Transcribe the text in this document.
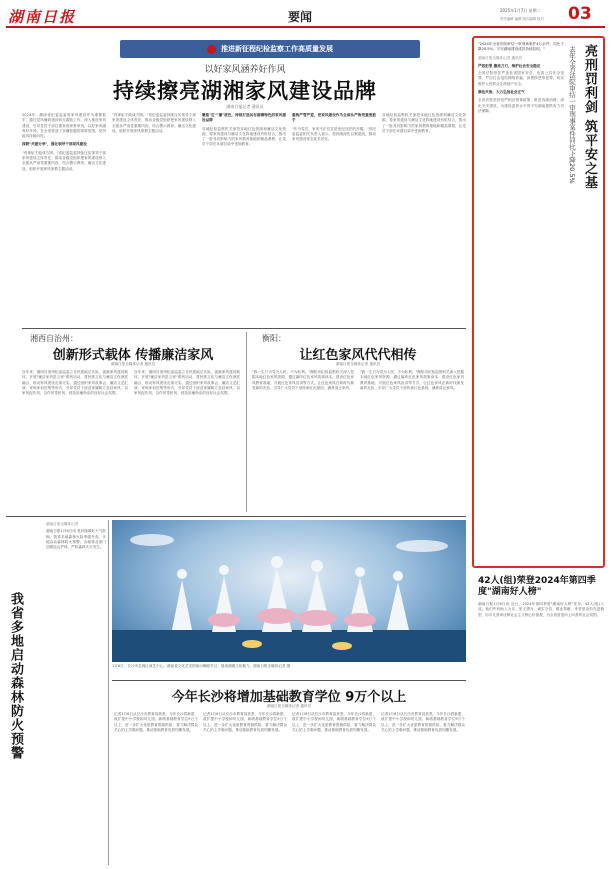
湖南日报	要闻	2025年1月7日 星期二
责任编辑 编辑 版式编辑 校对 03
推进新征程纪检监察工作高质量发展
以好家风涵养好作风
持续擦亮湖湘家风建设品牌
湖南日报记者 通讯员
2024年，湖南省纪委监委将家风建设作为重要抓手，通过党风廉政建设和反腐败工作，深入推进家风建设，引导党员干部注重家庭家教家风，以好家风涵养好作风，在全省营造了崇廉拒腐的浓厚氛围，党风政风持续向好。
深耕"共建分享"，强化领导干部家风建设
"有规矩才能成方圆。"省纪委监委持续压实领导干部家风建设主体责任，推动各级党组织把家风建设纳入全面从严治党重要内容，结合警示教育、廉洁文化建设，组织开展家风家教主题活动。
"有规矩才能成方圆。"省纪委监委持续压实领导干部家风建设主体责任，推动各级党组织把家风建设纳入全面从严治党重要内容，结合警示教育、廉洁文化建设，组织开展家风家教主题活动。
聚焦"红""廉"底色，持续打造具有湖湘特色的家风建设品牌
各地纪检监察机关深挖本地红色资源和廉洁文化资源，将家风建设与廉洁文化阵地建设有机结合，推出了一批具有影响力的家风教育基地和精品课程，让党员干部在耳濡目染中受到教育。
重构严管严爱，把家风建设作为全面从严治党重要抓手
"作为党员，家风不正往往是违纪违法的开端。"省纪委监委相关负责人表示，将持续深化以案促改，推动家风建设常态化长效化。
各地纪检监察机关深挖本地红色资源和廉洁文化资源，将家风建设与廉洁文化阵地建设有机结合，推出了一批具有影响力的家风教育基地和精品课程，让党员干部在耳濡目染中受到教育。
湘西自治州：
创新形式载体 传播廉洁家风
湖南日报全媒体记者 通讯员
近年来，湘西自治州纪委监委立足民族地区实际，创新家风建设载体，开展"廉洁家风进万家"系列活动，将民族文化与廉洁文化深度融合，推动家风建设走深走实。通过组织家风故事会、廉洁文艺汇演、家规家训征集等形式，引导党员干部及家属树立良好家风，以家风促作风，以作风带民风，营造崇廉尚洁的良好社会氛围。
近年来，湘西自治州纪委监委立足民族地区实际，创新家风建设载体，开展"廉洁家风进万家"系列活动，将民族文化与廉洁文化深度融合，推动家风建设走深走实。通过组织家风故事会、廉洁文艺汇演、家规家训征集等形式，引导党员干部及家属树立良好家风，以家风促作风，以作风带民风，营造崇廉尚洁的良好社会氛围。
衡阳：
让红色家风代代相传
湖南日报全媒体记者 通讯员
"我一生只为党为人民，不为私利。"衡阳市纪检监察机关深入挖掘本地红色家风资源，通过编印红色家风故事读本、建设红色家风教育基地、开展红色家风宣讲等方式，让红色家风在新时代焕发新的光彩，引导广大党员干部传承红色基因，涵养清正家风。
"我一生只为党为人民，不为私利。"衡阳市纪检监察机关深入挖掘本地红色家风资源，通过编印红色家风故事读本、建设红色家风教育基地、开展红色家风宣讲等方式，让红色家风在新时代焕发新的光彩，引导广大党员干部传承红色基因，涵养清正家风。
我省多地启动森林防火预警
湖南日报全媒体记者
湖南日报1月6日讯 受持续晴好天气影响，我省多地森林火险等级升高，多地启动森林防火预警。各地林业部门加强巡山护林，严防森林火灾发生。
1月6日，长沙市芙蓉区演艺中心，湖南省文化艺术团演出舞蹈节目，展现湖湘文化魅力。湖南日报全媒体记者 摄
今年长沙将增加基础教育学位 9万个以上
湖南日报全媒体记者 通讯员
记者1月6日从长沙市教育局获悉，今年长沙将新建、改扩建中小学校和幼儿园，新增基础教育学位9万个以上，进一步扩大优质教育资源供给，着力解决群众关心的上学难问题，推动基础教育优质均衡发展。
记者1月6日从长沙市教育局获悉，今年长沙将新建、改扩建中小学校和幼儿园，新增基础教育学位9万个以上，进一步扩大优质教育资源供给，着力解决群众关心的上学难问题，推动基础教育优质均衡发展。
记者1月6日从长沙市教育局获悉，今年长沙将新建、改扩建中小学校和幼儿园，新增基础教育学位9万个以上，进一步扩大优质教育资源供给，着力解决群众关心的上学难问题，推动基础教育优质均衡发展。
记者1月6日从长沙市教育局获悉，今年长沙将新建、改扩建中小学校和幼儿园，新增基础教育学位9万个以上，进一步扩大优质教育资源供给，着力解决群众关心的上学难问题，推动基础教育优质均衡发展。
"2024年全省法院审结一审刑事案件4万余件，同比下降20.5%，平安湖南建设成效持续显现。"
湖南日报全媒体记者 通讯员
严惩犯罪 擦亮刀刃，维护社会安全稳定
全省法院依法严惩危害国家安全、危害公共安全犯罪，严厉打击电信网络诈骗、涉黑涉恶等犯罪，切实维护人民群众生命财产安全。
修法共治，大力弘扬社会正气
全省法院坚持宽严相济刑事政策，推进诉源治理，深化平安建设，为建设更高水平的平安湖南提供有力司法保障。	亮刑罚利剑 筑平安之基
去年全省法院审结一审刑事案件同比下降20.5%
42人(组)荣登2024年第四季度"湖南好人榜"
湖南日报1月6日讯 近日，2024年第四季度"湖南好人榜"发布，42人(组)入选。他们中有助人为乐、见义勇为、诚实守信、敬业奉献、孝老爱亲的先进典型，用平凡善举诠释社会主义核心价值观，为全省营造向上向善的社会氛围。
